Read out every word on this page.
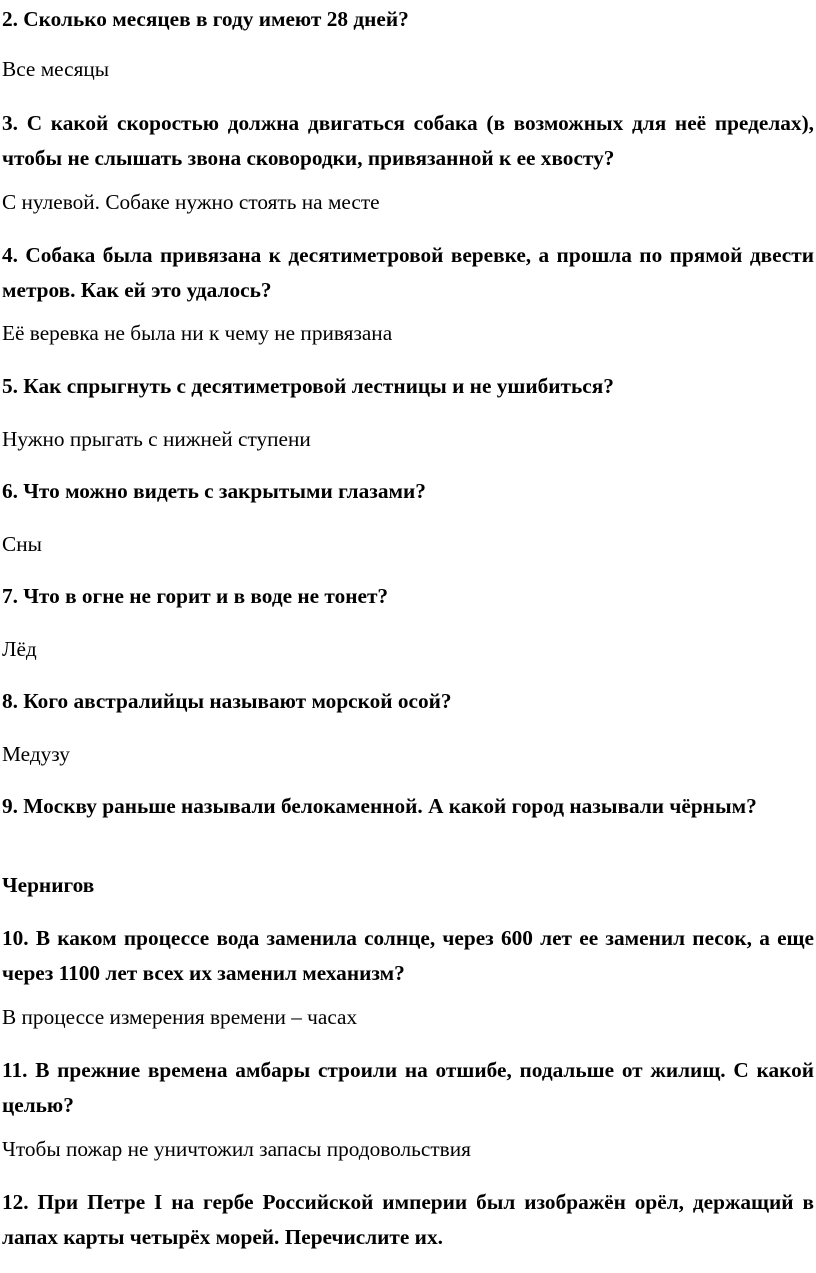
2. Сколько месяцев в году имеют 28 дней?

Все месяцы

3. С какой скоростью должна двигаться собака (в возможных для неё пределах), чтобы не слышать звона сковородки, привязанной к ее хвосту?

С нулевой. Собаке нужно стоять на месте

4. Собака была привязана к десятиметровой веревке, а прошла по прямой двести метров. Как ей это удалось?

Её веревка не была ни к чему не привязана

5. Как спрыгнуть с десятиметровой лестницы и не ушибиться?

Нужно прыгать с нижней ступени

6. Что можно видеть с закрытыми глазами?

Сны

7. Что в огне не горит и в воде не тонет?

Лёд

8. Кого австралийцы называют морской осой?

Медузу

9. Москву раньше называли белокаменной. А какой город называли чёрным?

Чернигов

10. В каком процессе вода заменила солнце, через 600 лет ее заменил песок, а еще через 1100 лет всех их заменил механизм?

В процессе измерения времени – часах

11. В прежние времена амбары строили на отшибе, подальше от жилищ. С какой целью?

Чтобы пожар не уничтожил запасы продовольствия

12. При Петре I на гербе Российской империи был изображён орёл, держащий в лапах карты четырёх морей. Перечислите их.
